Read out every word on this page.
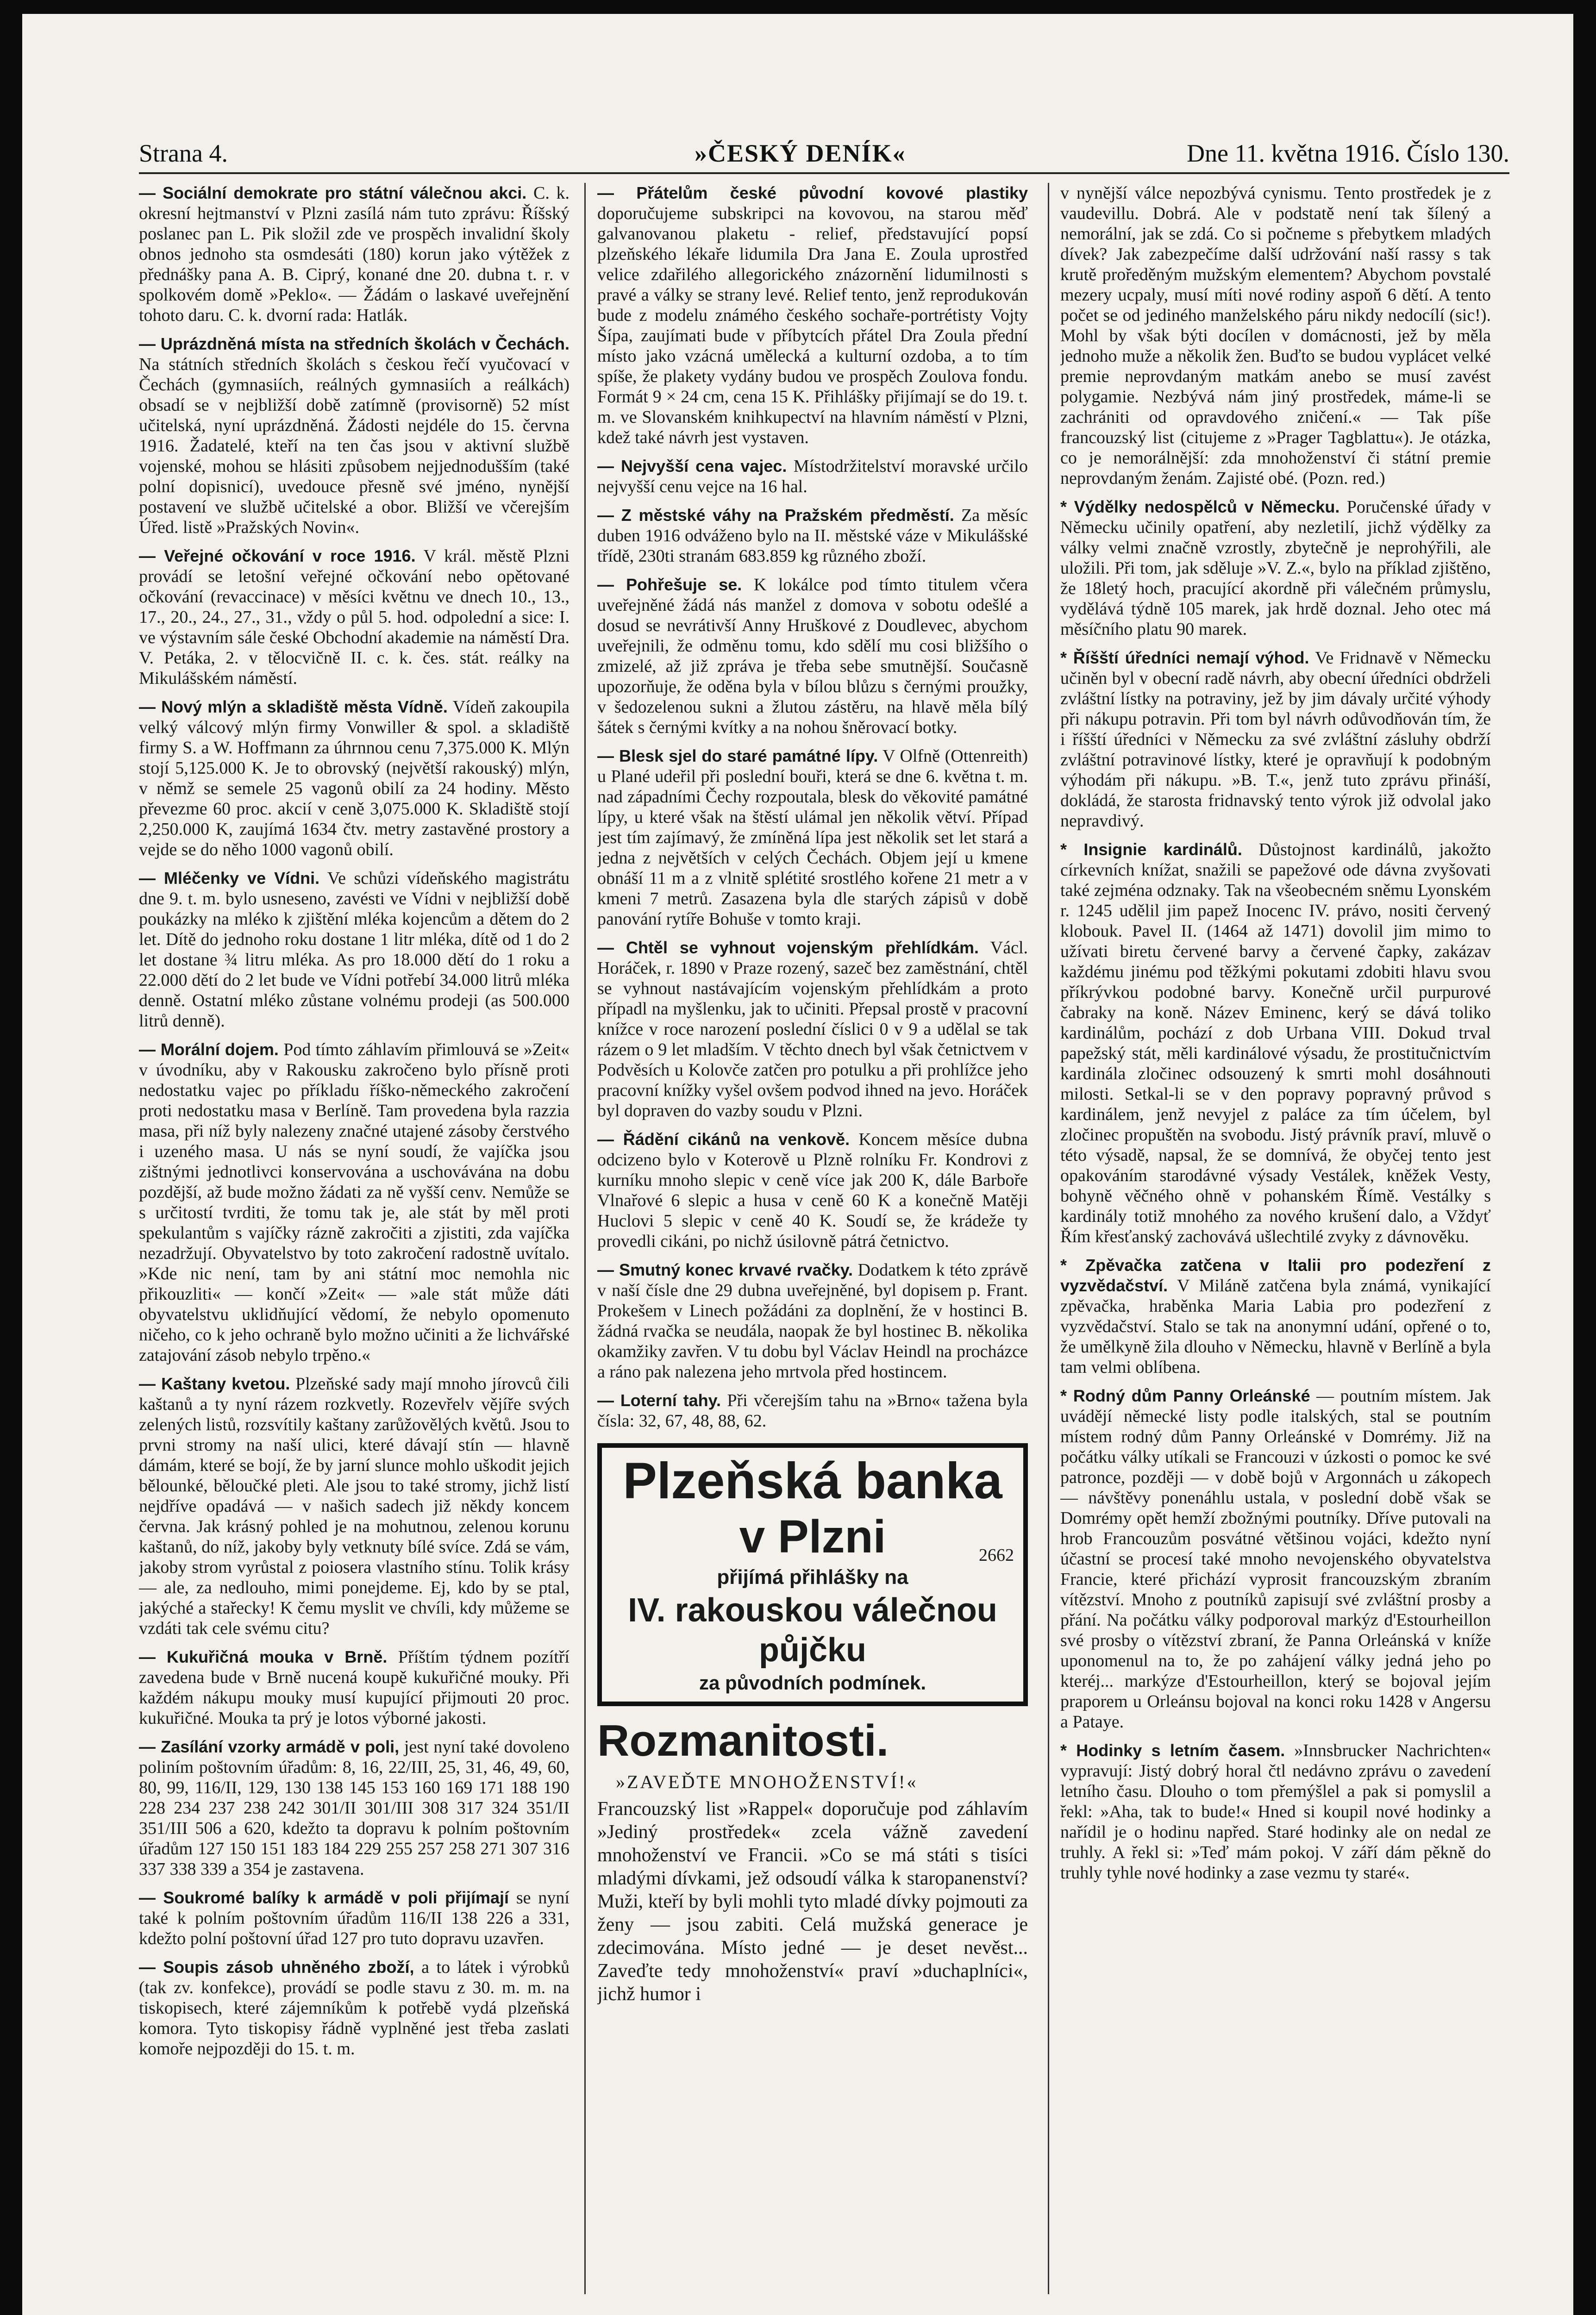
Strana 4.	»ČESKÝ DENÍK«	Dne 11. května 1916. Číslo 130.

— Sociální demokrate pro státní válečnou akci. C. k. okresní hejtmanství v Plzni zasílá nám tuto zprávu: Říšský poslanec pan L. Pik složil zde ve prospěch invalidní školy obnos jednoho sta osmdesáti (180) korun jako výtěžek z přednášky pana A. B. Ciprý, konané dne 20. dubna t. r. v spolkovém domě »Peklo«. — Žádám o laskavé uveřejnění tohoto daru. C. k. dvorní rada: Hatlák.

— Uprázdněná místa na středních školách v Čechách. Na státních středních školách s českou řečí vyučovací v Čechách (gymnasiích, reálných gymnasiích a reálkách) obsadí se v nejbližší době zatímně (provisorně) 52 míst učitelská, nyní uprázdněná. Žádosti nejdéle do 15. června 1916. Žadatelé, kteří na ten čas jsou v aktivní službě vojenské, mohou se hlásiti způsobem nejjednodušším (také polní dopisnicí), uvedouce přesně své jméno, nynější postavení ve službě učitelské a obor. Bližší ve včerejším Úřed. listě »Pražských Novin«.

— Veřejné očkování v roce 1916. V král. městě Plzni provádí se letošní veřejné očkování nebo opětované očkování (revaccinace) v měsíci květnu ve dnech 10., 13., 17., 20., 24., 27., 31., vždy o půl 5. hod. odpolední a sice: I. ve výstavním sále české Obchodní akademie na náměstí Dra. V. Petáka, 2. v tělocvičně II. c. k. čes. stát. reálky na Mikulášském náměstí.

— Nový mlýn a skladiště města Vídně. Vídeň zakoupila velký válcový mlýn firmy Vonwiller & spol. a skladiště firmy S. a W. Hoffmann za úhrnnou cenu 7,375.000 K. Mlýn stojí 5,125.000 K. Je to obrovský (největší rakouský) mlýn, v němž se semele 25 vagonů obilí za 24 hodiny. Město převezme 60 proc. akcií v ceně 3,075.000 K. Skladiště stojí 2,250.000 K, zaujímá 1634 čtv. metry zastavěné prostory a vejde se do něho 1000 vagonů obilí.

— Mléčenky ve Vídni. Ve schůzi vídeňského magistrátu dne 9. t. m. bylo usneseno, zavésti ve Vídni v nejbližší době poukázky na mléko k zjištění mléka kojencům a dětem do 2 let. Dítě do jednoho roku dostane 1 litr mléka, dítě od 1 do 2 let dostane ¾ litru mléka. As pro 18.000 dětí do 1 roku a 22.000 dětí do 2 let bude ve Vídni potřebí 34.000 litrů mléka denně. Ostatní mléko zůstane volnému prodeji (as 500.000 litrů denně).

— Morální dojem. Pod tímto záhlavím přimlouvá se »Zeit« v úvodníku, aby v Rakousku zakročeno bylo přísně proti nedostatku vajec po příkladu říško-německého zakročení proti nedostatku masa v Berlíně. Tam provedena byla razzia masa, při níž byly nalezeny značné utajené zásoby čerstvého i uzeného masa. U nás se nyní soudí, že vajíčka jsou zištnými jednotlivci konservována a uschovávána na dobu pozdější, až bude možno žádati za ně vyšší cenv. Nemůže se s určitostí tvrditi, že tomu tak je, ale stát by měl proti spekulantům s vajíčky rázně zakročiti a zjistiti, zda vajíčka nezadržují. Obyvatelstvo by toto zakročení radostně uvítalo. »Kde nic není, tam by ani státní moc nemohla nic přikouzliti« — končí »Zeit« — »ale stát může dáti obyvatelstvu uklidňující vědomí, že nebylo opomenuto ničeho, co k jeho ochraně bylo možno učiniti a že lichvářské zatajování zásob nebylo trpěno.«

— Kaštany kvetou. Plzeňské sady mají mnoho jírovců čili kaštanů a ty nyní rázem rozkvetly. Rozevřelv vějíře svých zelených listů, rozsvítily kaštany zarůžovělých květů. Jsou to prvni stromy na naší ulici, které dávají stín — hlavně dámám, které se bojí, že by jarní slunce mohlo uškodit jejich bělounké, běloučké pleti. Ale jsou to také stromy, jichž listí nejdříve opadává — v našich sadech již někdy koncem června. Jak krásný pohled je na mohutnou, zelenou korunu kaštanů, do níž, jakoby byly vetknuty bílé svíce. Zdá se vám, jakoby strom vyrůstal z poiosera vlastního stínu. Tolik krásy — ale, za nedlouho, mimi ponejdeme. Ej, kdo by se ptal, jakýché a stařecky! K čemu myslit ve chvíli, kdy můžeme se vzdáti tak cele svému citu?

— Kukuřičná mouka v Brně. Příštím týdnem pozítří zavedena bude v Brně nucená koupě kukuřičné mouky. Při každém nákupu mouky musí kupující přijmouti 20 proc. kukuřičné. Mouka ta prý je lotos výborné jakosti.

— Zasílání vzorky armádě v poli, jest nyní také dovoleno poliním poštovním úřadům: 8, 16, 22/III, 25, 31, 46, 49, 60, 80, 99, 116/II, 129, 130 138 145 153 160 169 171 188 190 228 234 237 238 242 301/II 301/III 308 317 324 351/II 351/III 506 a 620, kdežto ta dopravu k polním poštovním úřadům 127 150 151 183 184 229 255 257 258 271 307 316 337 338 339 a 354 je zastavena.

— Soukromé balíky k armádě v poli přijímají se nyní také k polním poštovním úřadům 116/II 138 226 a 331, kdežto polní poštovní úřad 127 pro tuto dopravu uzavřen.

— Soupis zásob uhněného zboží, a to látek i výrobků (tak zv. konfekce), provádí se podle stavu z 30. m. m. na tiskopisech, které zájemníkům k potřebě vydá plzeňská komora. Tyto tiskopisy řádně vyplněné jest třeba zaslati komoře nejpozději do 15. t. m.

— Přátelům české původní kovové plastiky doporučujeme subskripci na kovovou, na starou měď galvanovanou plaketu - relief, představující popsí plzeňského lékaře lidumila Dra Jana E. Zoula uprostřed velice zdařilého allegorického znázornění lidumilnosti s pravé a války se strany levé. Relief tento, jenž reprodukován bude z modelu známého českého sochaře-portrétisty Vojty Šípa, zaujímati bude v příbytcích přátel Dra Zoula přední místo jako vzácná umělecká a kulturní ozdoba, a to tím spíše, že plakety vydány budou ve prospěch Zoulova fondu. Formát 9 × 24 cm, cena 15 K. Přihlášky přijímají se do 19. t. m. ve Slovanském knihkupectví na hlavním náměstí v Plzni, kdež také návrh jest vystaven.

— Nejvyšší cena vajec. Místodržitelství moravské určilo nejvyšší cenu vejce na 16 hal.

— Z městské váhy na Pražském předměstí. Za měsíc duben 1916 odváženo bylo na II. městské váze v Mikulášské třídě, 230ti stranám 683.859 kg různého zboží.

— Pohřešuje se. K lokálce pod tímto titulem včera uveřejněné žádá nás manžel z domova v sobotu odešlé a dosud se nevrátivší Anny Hruškové z Doudlevec, abychom uveřejnili, že odměnu tomu, kdo sdělí mu cosi bližšího o zmizelé, až již zpráva je třeba sebe smutnější. Současně upozorňuje, že oděna byla v bílou blůzu s černými proužky, v šedozelenou sukni a žlutou zástěru, na hlavě měla bílý šátek s černými kvítky a na nohou šněrovací botky.

— Blesk sjel do staré památné lípy. V Olfně (Ottenreith) u Plané udeřil při poslední bouři, která se dne 6. května t. m. nad západními Čechy rozpoutala, blesk do věkovité památné lípy, u které však na štěstí ulámal jen několik větví. Případ jest tím zajímavý, že zmíněná lípa jest několik set let stará a jedna z největších v celých Čechách. Objem její u kmene obnáší 11 m a z vlnitě splétité srostlého kořene 21 metr a v kmeni 7 metrů. Zasazena byla dle starých zápisů v době panování rytíře Bohuše v tomto kraji.

— Chtěl se vyhnout vojenským přehlídkám. Václ. Horáček, r. 1890 v Praze rozený, sazeč bez zaměstnání, chtěl se vyhnout nastávajícím vojenským přehlídkám a proto případl na myšlenku, jak to učiniti. Přepsal prostě v pracovní knížce v roce narození poslední číslici 0 v 9 a udělal se tak rázem o 9 let mladším. V těchto dnech byl však četnictvem v Podvěsích u Kolovče zatčen pro potulku a při prohlížce jeho pracovní knížky vyšel ovšem podvod ihned na jevo. Horáček byl dopraven do vazby soudu v Plzni.

— Řádění cikánů na venkově. Koncem měsíce dubna odcizeno bylo v Koterově u Plzně rolníku Fr. Kondrovi z kurníku mnoho slepic v ceně více jak 200 K, dále Barboře Vlnařové 6 slepic a husa v ceně 60 K a konečně Matěji Huclovi 5 slepic v ceně 40 K. Soudí se, že krádeže ty provedli cikáni, po nichž úsilovně pátrá četnictvo.

— Smutný konec krvavé rvačky. Dodatkem k této zprávě v naší čísle dne 29 dubna uveřejněné, byl dopisem p. Frant. Prokešem v Linech požádáni za doplnění, že v hostinci B. žádná rvačka se neudála, naopak že byl hostinec B. několika okamžiky zavřen. V tu dobu byl Václav Heindl na procházce a ráno pak nalezena jeho mrtvola před hostincem.

— Loterní tahy. Při včerejším tahu na »Brno« tažena byla čísla: 32, 67, 48, 88, 62.

Plzeňská banka
v Plzni	2662
přijímá přihlášky na
IV. rakouskou válečnou půjčku
za původních podmínek.
Rozmanitosti.
»ZAVEĎTE MNOHOŽENSTVÍ!«

Francouzský list »Rappel« doporučuje pod záhlavím »Jediný prostředek« zcela vážně zavedení mnohoženství ve Francii. »Co se má státi s tisíci mladými dívkami, jež odsoudí válka k staropanenství? Muži, kteří by byli mohli tyto mladé dívky pojmouti za ženy — jsou zabiti. Celá mužská generace je zdecimována. Místo jedné — je deset nevěst... Zaveďte tedy mnohoženství« praví »duchaplníci«, jichž humor i

v nynější válce nepozbývá cynismu. Tento prostředek je z vaudevillu. Dobrá. Ale v podstatě není tak šílený a nemorální, jak se zdá. Co si počneme s přebytkem mladých dívek? Jak zabezpečíme další udržování naší rassy s tak krutě proředěným mužským elementem? Abychom povstalé mezery ucpaly, musí míti nové rodiny aspoň 6 dětí. A tento počet se od jediného manželského páru nikdy nedocílí (sic!). Mohl by však býti docílen v domácnosti, jež by měla jednoho muže a několik žen. Buďto se budou vyplácet velké premie neprovdaným matkám anebo se musí zavést polygamie. Nezbývá nám jiný prostředek, máme-li se zachrániti od opravdového zničení.« — Tak píše francouzský list (citujeme z »Prager Tagblattu«). Je otázka, co je nemorálnější: zda mnohoženství či státní premie neprovdaným ženám. Zajisté obé. (Pozn. red.)

* Výdělky nedospělců v Německu. Poručenské úřady v Německu učinily opatření, aby nezletilí, jichž výdělky za války velmi značně vzrostly, zbytečně je neprohýřili, ale uložili. Při tom, jak sděluje »V. Z.«, bylo na příklad zjištěno, že 18letý hoch, pracující akordně při válečném průmyslu, vydělává týdně 105 marek, jak hrdě doznal. Jeho otec má měsíčního platu 90 marek.

* Říšští úředníci nemají výhod. Ve Fridnavě v Německu učiněn byl v obecní radě návrh, aby obecní úředníci obdrželi zvláštní lístky na potraviny, jež by jim dávaly určité výhody při nákupu potravin. Při tom byl návrh odůvodňován tím, že i říšští úředníci v Německu za své zvláštní zásluhy obdrží zvláštní potravinové lístky, které je opravňují k podobným výhodám při nákupu. »B. T.«, jenž tuto zprávu přináší, dokládá, že starosta fridnavský tento výrok již odvolal jako nepravdivý.

* Insignie kardinálů. Důstojnost kardinálů, jakožto církevních knížat, snažili se papežové ode dávna zvyšovati také zejména odznaky. Tak na všeobecném sněmu Lyonském r. 1245 udělil jim papež Inocenc IV. právo, nositi červený klobouk. Pavel II. (1464 až 1471) dovolil jim mimo to užívati biretu červené barvy a červené čapky, zakázav každému jinému pod těžkými pokutami zdobiti hlavu svou příkrývkou podobné barvy. Konečně určil purpurové čabraky na koně. Název Eminenc, kerý se dává toliko kardinálům, pochází z dob Urbana VIII. Dokud trval papežský stát, měli kardinálové výsadu, že prostitučnictvím kardinála zločinec odsouzený k smrti mohl dosáhnouti milosti. Setkal-li se v den popravy popravný průvod s kardinálem, jenž nevyjel z paláce za tím účelem, byl zločinec propuštěn na svobodu. Jistý právník praví, mluvě o této výsadě, napsal, že se domnívá, že obyčej tento jest opakováním starodávné výsady Vestálek, kněžek Vesty, bohyně věčného ohně v pohanském Římě. Vestálky s kardinály totiž mnohého za nového krušení dalo, a Vždyť Řím křesťanský zachovává ušlechtilé zvyky z dávnověku.

* Zpěvačka zatčena v Italii pro podezření z vyzvědačství. V Miláně zatčena byla známá, vynikající zpěvačka, hraběnka Maria Labia pro podezření z vyzvědačství. Stalo se tak na anonymní udání, opřené o to, že umělkyně žila dlouho v Německu, hlavně v Berlíně a byla tam velmi oblíbena.

* Rodný dům Panny Orleánské — poutním místem. Jak uvádějí německé listy podle italských, stal se poutním místem rodný dům Panny Orleánské v Domrémy. Již na počátku války utíkali se Francouzi v úzkosti o pomoc ke své patronce, později — v době bojů v Argonnách u zákopech — návštěvy ponenáhlu ustala, v poslední době však se Domrémy opět hemží zbožnými poutníky. Dříve putovali na hrob Francouzům posvátné většinou vojáci, kdežto nyní účastní se procesí také mnoho nevojenského obyvatelstva Francie, které přichází vyprosit francouzským zbraním vítězství. Mnoho z poutníků zapisují své zvláštní prosby a přání. Na počátku války podporoval markýz d'Estourheillon své prosby o vítězství zbraní, že Panna Orleánská v kníže uponomenul na to, že po zahájení války jedná jeho po kteréj... markýze d'Estourheillon, který se bojoval jejím praporem u Orleánsu bojoval na konci roku 1428 v Angersu a Pataye.

* Hodinky s letním časem. »Innsbrucker Nachrichten« vypravují: Jistý dobrý horal čtl nedávno zprávu o zavedení letního času. Dlouho o tom přemýšlel a pak si pomyslil a řekl: »Aha, tak to bude!« Hned si koupil nové hodinky a nařídil je o hodinu napřed. Staré hodinky ale on nedal ze truhly. A řekl si: »Teď mám pokoj. V září dám pěkně do truhly tyhle nové hodinky a zase vezmu ty staré«.
